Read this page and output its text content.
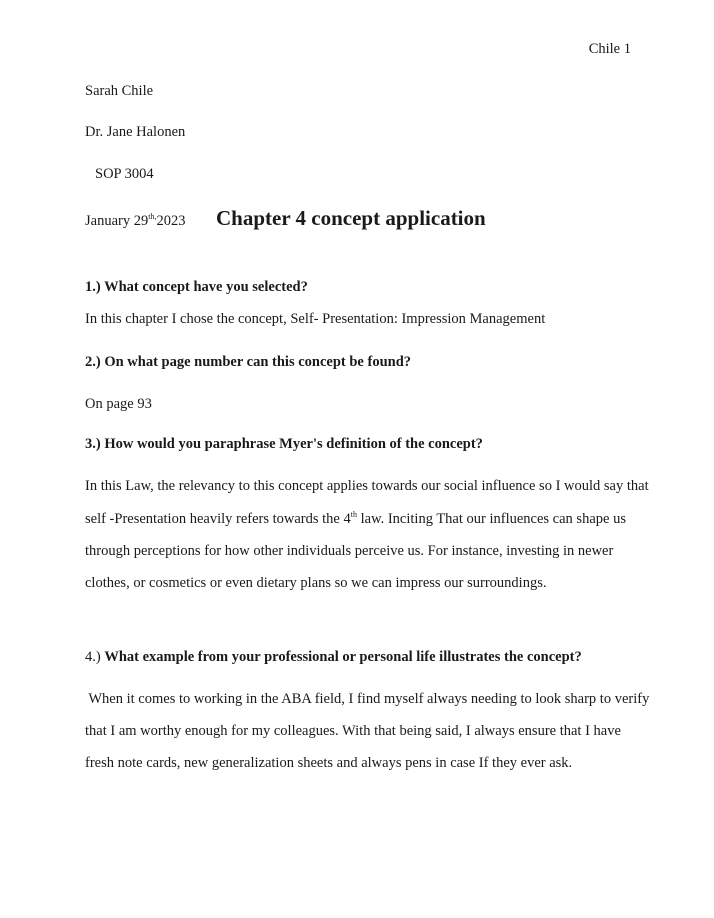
Chile 1
Sarah Chile
Dr. Jane Halonen
SOP 3004
January $29^{th,}2023$ Chapter 4 concept application
1.) What concept have you selected?
In this chapter I chose the concept, Self- Presentation: Impression Management
2.) On what page number can this concept be found?
On page 93
3.) How would you paraphrase Myer's definition of the concept?
In this Law, the relevancy to this concept applies towards our social influence so I would say that
self -Presentation heavily refers towards the 4th law. Inciting That our influences can shape us
through perceptions for how other individuals perceive us. For instance, investing in newer
clothes, or cosmetics or even dietary plans so we can impress our surroundings.
4.) What example from your professional or personal life illustrates the concept?
When it comes to working in the ABA field, I find myself always needing to look sharp to verify
that I am worthy enough for my colleagues. With that being said, I always ensure that I have
fresh note cards, new generalization sheets and always pens in case If they ever ask.
